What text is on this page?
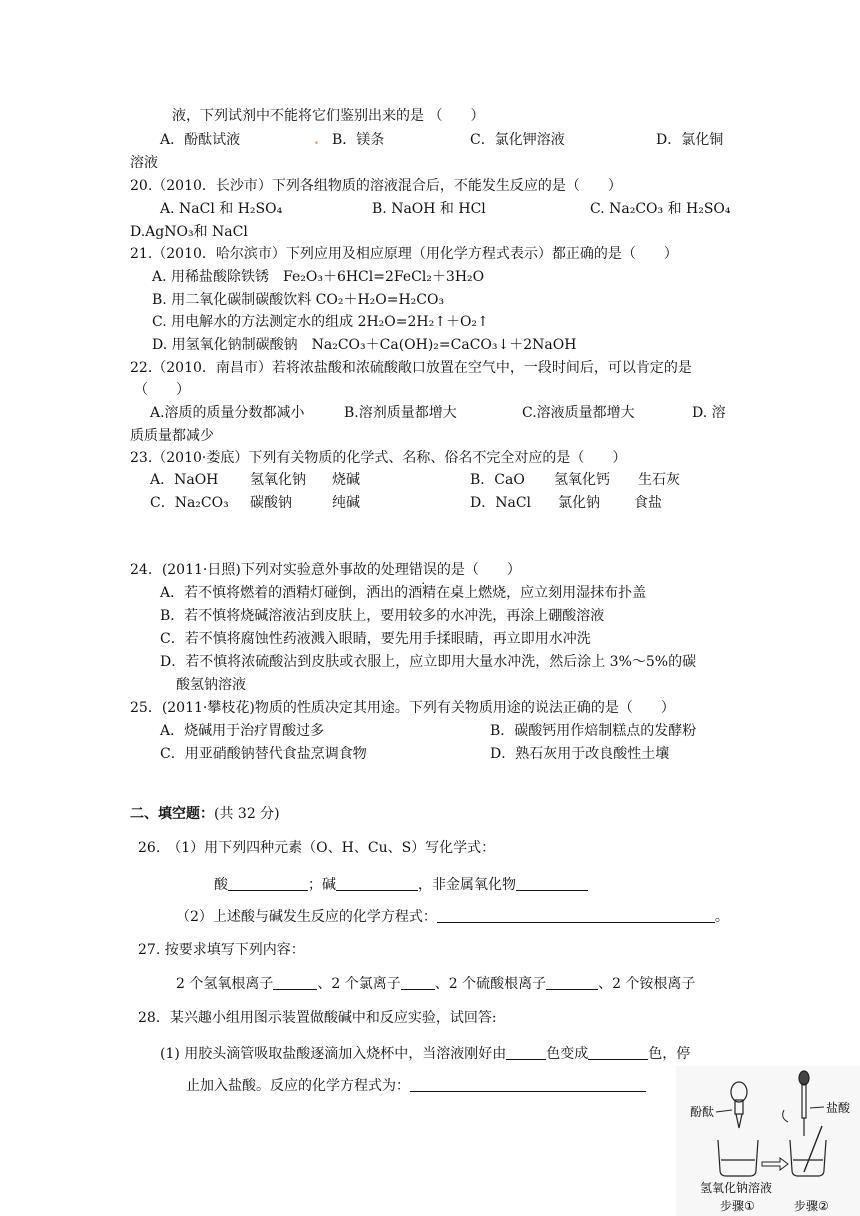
液，下列试剂中不能将它们鉴别出来的是 （　　）
A．酚酞试液	. B．镁条	C．氯化钾溶液	D．氯化铜
溶液
20.（2010．长沙市）下列各组物质的溶液混合后，不能发生反应的是（　　）
A. NaCl 和 H₂SO₄	B. NaOH 和 HCl	C. Na₂CO₃ 和 H₂SO₄
D.AgNO₃和 NaCl
21.（2010．哈尔滨市）下列应用及相应原理（用化学方程式表示）都正确的是（　　）
A. 用稀盐酸除铁锈　Fe₂O₃＋6HCl=2FeCl₂＋3H₂O
B. 用二氧化碳制碳酸饮料 CO₂＋H₂O=H₂CO₃
C. 用电解水的方法测定水的组成 2H₂O=2H₂↑＋O₂↑
D. 用氢氧化钠制碳酸钠　Na₂CO₃＋Ca(OH)₂=CaCO₃↓＋2NaOH
22.（2010．南昌市）若将浓盐酸和浓硫酸敞口放置在空气中，一段时间后，可以肯定的是
（　　）
A.溶质的质量分数都减小	B.溶剂质量都增大	C.溶液质量都增大	D. 溶
质质量都减少
23.（2010·娄底）下列有关物质的化学式、名称、俗名不完全对应的是（　　）
A．NaOH 氢氧化钠 烧碱	B．CaO 氢氧化钙 生石灰
C．Na₂CO₃ 碳酸钠	纯碱	D．NaCl 氯化钠 食盐
24．(2011·日照)下列对实验意外事故的处理错误的是（　　）
A．若不慎将燃着的酒精灯碰倒，洒出的酒精在桌上燃烧，应立刻用湿抹布扑盖
B．若不慎将烧碱溶液沾到皮肤上，要用较多的水冲洗，再涂上硼酸溶液
C．若不慎将腐蚀性药液溅入眼睛，要先用手揉眼睛，再立即用水冲洗
D．若不慎将浓硫酸沾到皮肤或衣服上，应立即用大量水冲洗，然后涂上 3%～5%的碳
酸氢钠溶液
25．(2011·攀枝花)物质的性质决定其用途。下列有关物质用途的说法正确的是（　　）
A．烧碱用于治疗胃酸过多	B．碳酸钙用作焙制糕点的发酵粉
C．用亚硝酸钠替代食盐烹调食物	D．熟石灰用于改良酸性土壤
二、填空题：(共 32 分)
26.　（1）用下列四种元素（O、H、Cu、S）写化学式：
酸	；碱	，非金属氧化物
（2）上述酸与碱发生反应的化学方程式：	。
27. 按要求填写下列内容：
2 个氢氧根离子	、2 个氯离子 、2 个硫酸根离子	、2 个铵根离子
28．某兴趣小组用图示装置做酸碱中和反应实验，试回答:
(1) 用胶头滴管吸取盐酸逐滴加入烧杯中，当溶液刚好由	色变成	色，停
止加入盐酸。反应的化学方程式为：
酚酞	盐酸
氢氧化钠溶液
步骤①	步骤②
